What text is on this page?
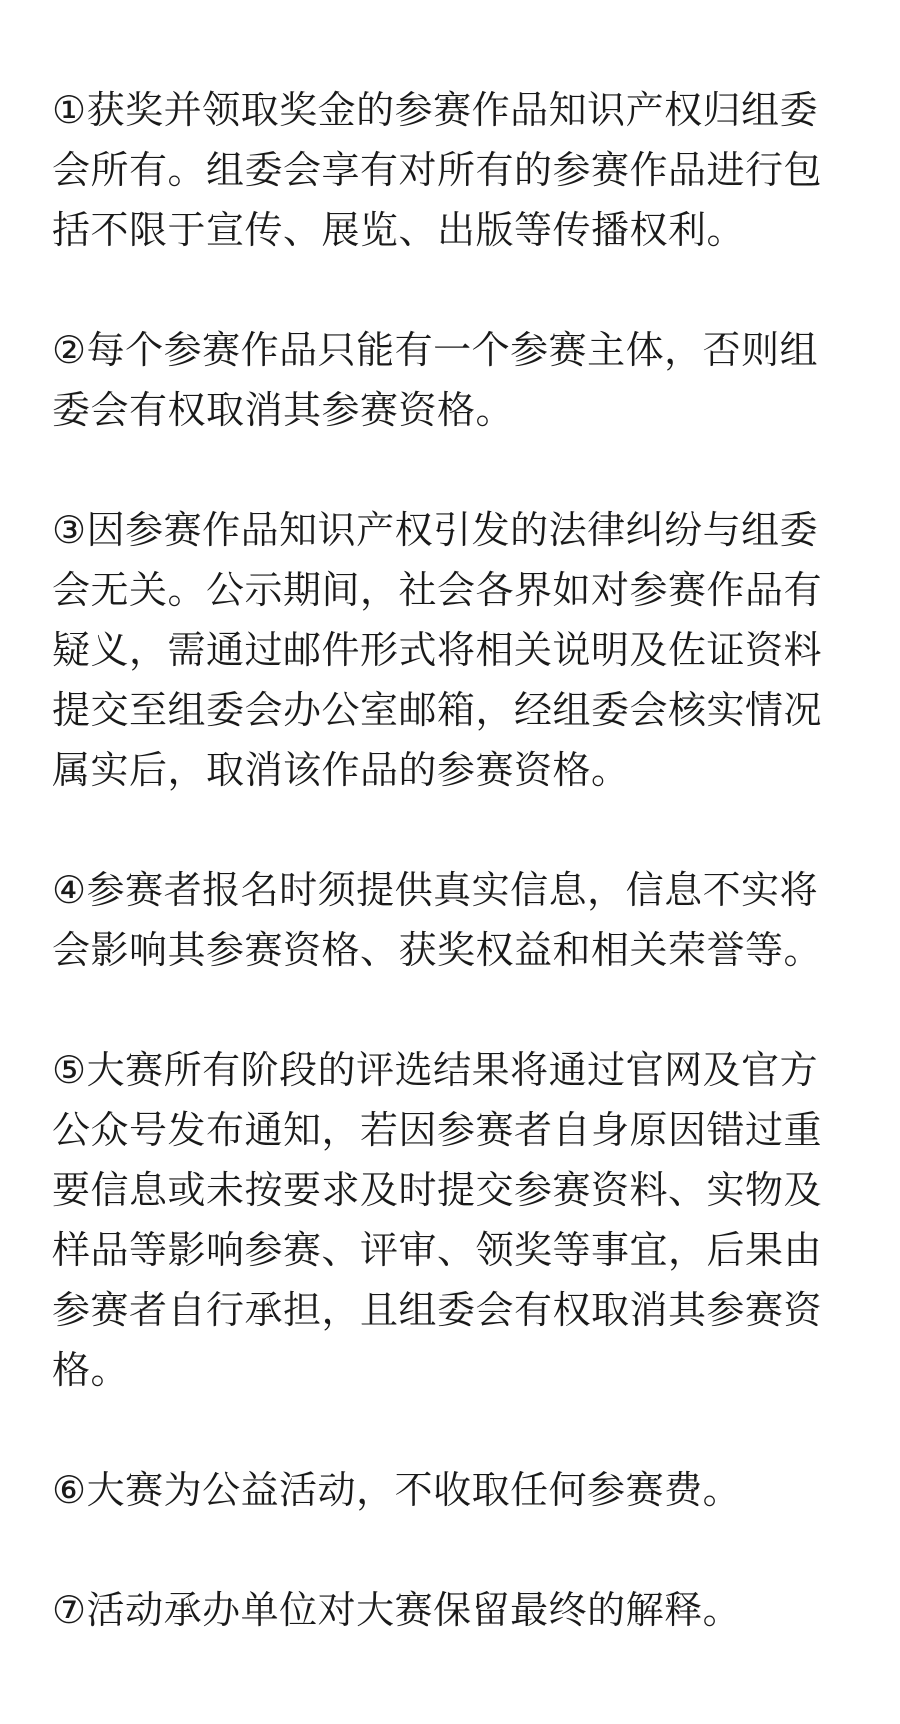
①获奖并领取奖金的参赛作品知识产权归组委会所有。组委会享有对所有的参赛作品进行包括不限于宣传、展览、出版等传播权利。

②每个参赛作品只能有一个参赛主体，否则组委会有权取消其参赛资格。

③因参赛作品知识产权引发的法律纠纷与组委会无关。公示期间，社会各界如对参赛作品有疑义，需通过邮件形式将相关说明及佐证资料提交至组委会办公室邮箱，经组委会核实情况属实后，取消该作品的参赛资格。

④参赛者报名时须提供真实信息，信息不实将会影响其参赛资格、获奖权益和相关荣誉等。

⑤大赛所有阶段的评选结果将通过官网及官方公众号发布通知，若因参赛者自身原因错过重要信息或未按要求及时提交参赛资料、实物及样品等影响参赛、评审、领奖等事宜，后果由参赛者自行承担，且组委会有权取消其参赛资格。

⑥大赛为公益活动，不收取任何参赛费。

⑦活动承办单位对大赛保留最终的解释。
